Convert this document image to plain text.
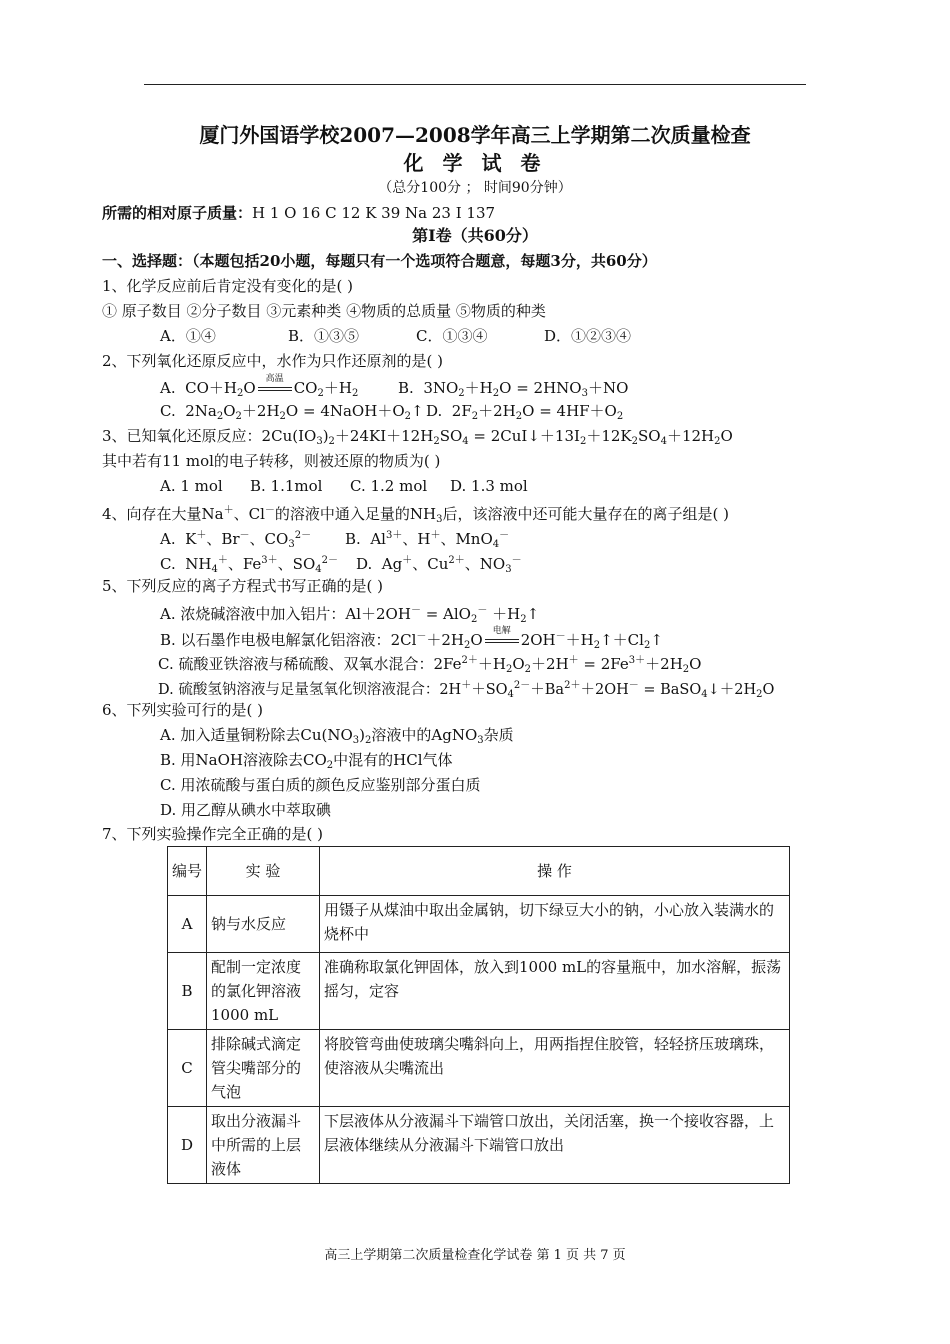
厦门外国语学校2007—2008学年高三上学期第二次质量检查
化 学 试 卷
（总分100分 ； 时间90分钟）
所需的相对原子质量：H 1 O 16 C 12 K 39 Na 23 I 137
第Ⅰ卷（共60分）
一、选择题：（本题包括20小题，每题只有一个选项符合题意，每题3分，共60分）
1、化学反应前后肯定没有变化的是( )
① 原子数目 ②分子数目 ③元素种类 ④物质的总质量 ⑤物质的种类
A．①④	B．①③⑤	C．①③④	D．①②③④
2、下列氧化还原反应中，水作为只作还原剂的是( )
A.  $CO+H_2O$	高温 $CO_2+H_2$	B.  $3NO_2+H_2O = 2HNO_3+NO$
C.  $2Na_2O_2+2H_2O$ = $4NaOH+O_2↑$ D.  $2F_2+2H_2O = 4HF+O_2$
3、已知氧化还原反应：$2Cu(IO_3)_2+24KI+12H_2SO_4$ = $2CuI↓+13I_2+12K_2SO_4+12H_2O$
其中若有11 mol的电子转移，则被还原的物质为( )
A. 1 mol B. 1.1mol C. 1.2 mol D. 1.3 mol
4、向存在大量Na＋、Cl－的溶液中通入足量的$NH_3$后，该溶液中还可能大量存在的离子组是( )
A.  K＋、Br－、$CO_3^{2-}$ B.  $Al^{3+}$、H＋、MnO$_4$－
C.  $NH_4^+$、$Fe^{3+}$、$SO_4^{2-}$ D.  Ag＋、$Cu^{2+}$、$NO_3^-$
5、下列反应的离子方程式书写正确的是( )
A. 浓烧碱溶液中加入铝片：$Al+2OH^- = AlO_2^- +H_2↑$
B. 以石墨作电极电解氯化铝溶液：$2Cl^-+2H_2O$	电解 $2OH^-+H_2↑+Cl_2↑$
C. 硫酸亚铁溶液与稀硫酸、双氧水混合：$2Fe^{2+}+H_2O_2+2H^+ = 2Fe^{3+}+2H_2O$
D. 硫酸氢钠溶液与足量氢氧化钡溶液混合：$2H^++SO_4^{2-}+Ba^{2+}+2OH^-$ = $BaSO_4↓+2H_2O$
6、下列实验可行的是( )
A. 加入适量铜粉除去$Cu(NO_3)_2$溶液中的AgNO$_3$杂质
B. 用NaOH溶液除去$CO_2$中混有的HCl气体
C. 用浓硫酸与蛋白质的颜色反应鉴别部分蛋白质
D. 用乙醇从碘水中萃取碘
7、下列实验操作完全正确的是( )
编号	实 验	操 作
A	钠与水反应	用镊子从煤油中取出金属钠，切下绿豆大小的钠，小心放入装满水的烧杯中
B	配制一定浓度的氯化钾溶液1000 mL	准确称取氯化钾固体，放入到1000 mL的容量瓶中，加水溶解，振荡摇匀，定容
C	排除碱式滴定管尖嘴部分的气泡	将胶管弯曲使玻璃尖嘴斜向上，用两指捏住胶管，轻轻挤压玻璃珠，使溶液从尖嘴流出
D	取出分液漏斗中所需的上层液体	下层液体从分液漏斗下端管口放出，关闭活塞，换一个接收容器，上层液体继续从分液漏斗下端管口放出
高三上学期第二次质量检查化学试卷 第 1 页 共 7 页
